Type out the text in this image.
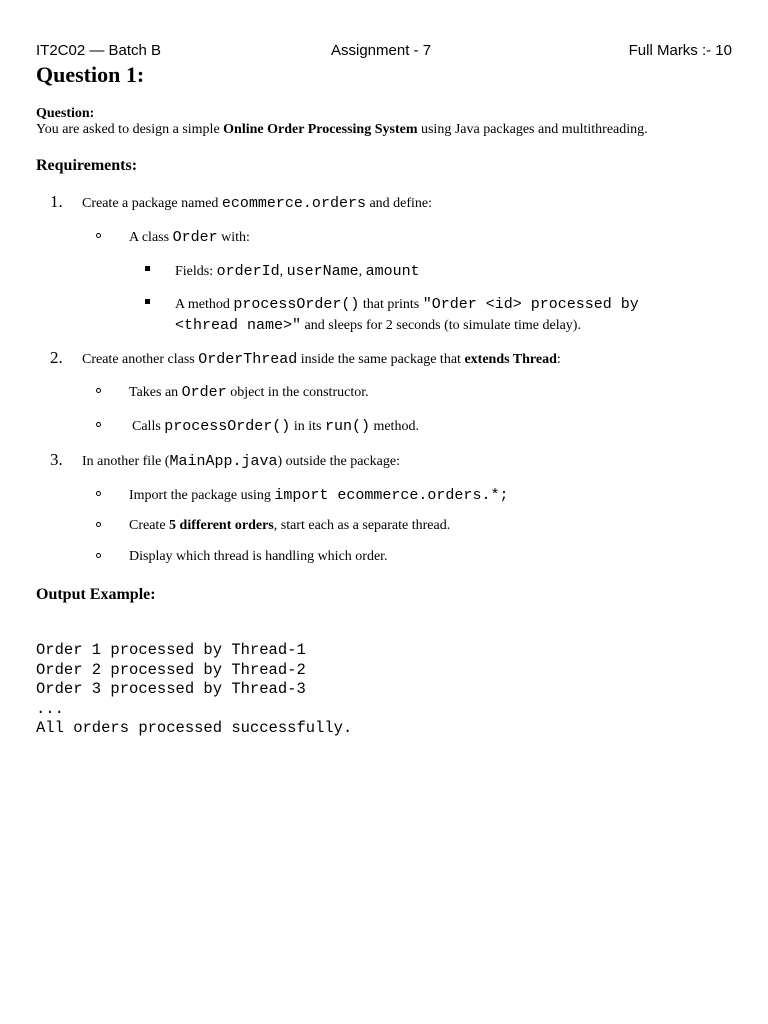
IT2C02 — Batch B	Assignment - 7	Full Marks :- 10
Question 1:
Question:
You are asked to design a simple Online Order Processing System using Java packages and multithreading.
Requirements:
1. Create a package named ecommerce.orders and define:
A class Order with:
Fields: orderId, userName, amount
A method processOrder() that prints "Order <id> processed by
<thread name>" and sleeps for 2 seconds (to simulate time delay).
2. Create another class OrderThread inside the same package that extends Thread:
Takes an Order object in the constructor.
Calls processOrder() in its run() method.
3. In another file (MainApp.java) outside the package:
Import the package using import ecommerce.orders.*;
Create 5 different orders, start each as a separate thread.
Display which thread is handling which order.
Output Example:
Order 1 processed by Thread-1
Order 2 processed by Thread-2
Order 3 processed by Thread-3
...
All orders processed successfully.
